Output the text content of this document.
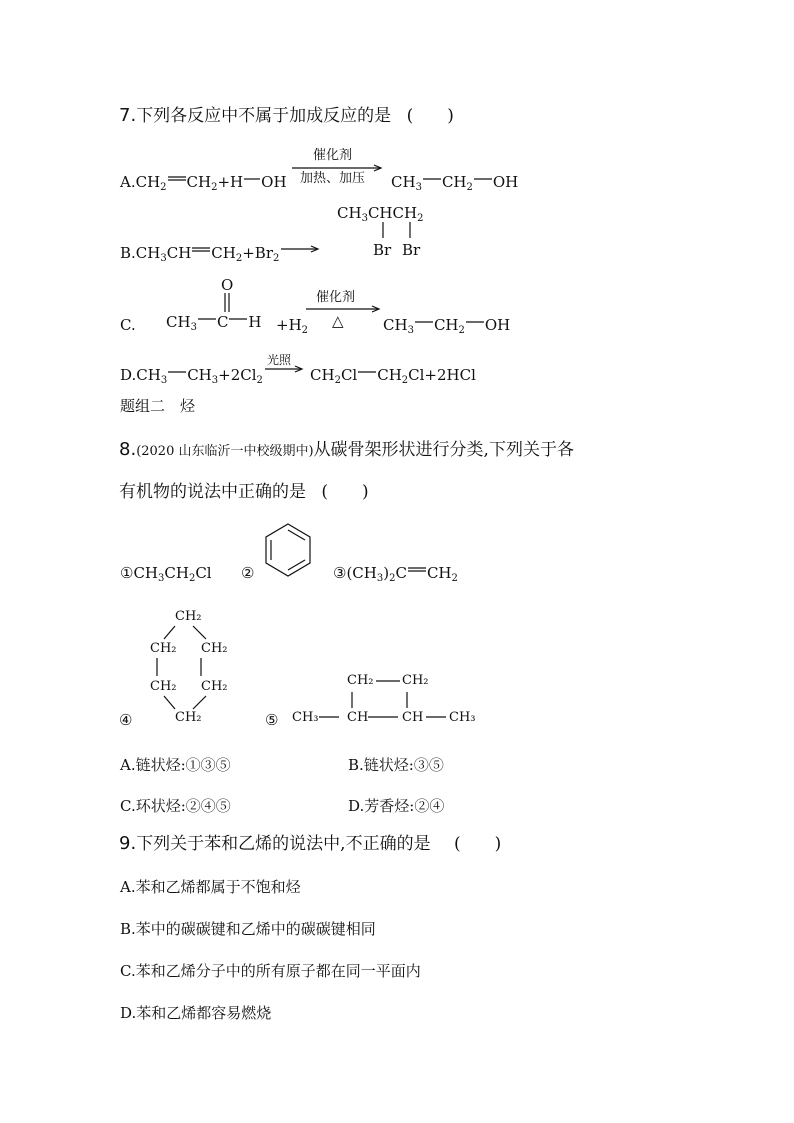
7.下列各反应中不属于加成反应的是 (　　)
$A.CH_2$ $CH_2+H$ OH
催化剂
加热、加压 $CH_3$ $CH_2$ OH
$CH_3CHCH_2$
Br Br
$B.CH_3CH$ $CH_2+Br_2$
O
C. $CH_3$ C $H +H_2$
催化剂
△	$CH_3$ $CH_2$ OH
光照
$D.CH_3$ $CH_3+2Cl_2$	$CH_2Cl$ $CH_2Cl+2HCl$
题组二　烃
8.(2020 山东临沂一中校级期中)从碳骨架形状进行分类,下列关于各
有机物的说法中正确的是 (　　)
$①CH_3CH_2Cl$ ②	$③(CH_3)_2C$ $CH_2$
CH₂
CH₂ CH₂
CH₂ CH₂
CH₂
④	⑤
CH₂ CH₂
CH₃ CH	CH CH₃
A.链状烃:①③⑤	B.链状烃:③⑤
C.环状烃:②④⑤	D.芳香烃:②④
9.下列关于苯和乙烯的说法中,不正确的是 (　　)
A.苯和乙烯都属于不饱和烃
B.苯中的碳碳键和乙烯中的碳碳键相同
C.苯和乙烯分子中的所有原子都在同一平面内
D.苯和乙烯都容易燃烧
